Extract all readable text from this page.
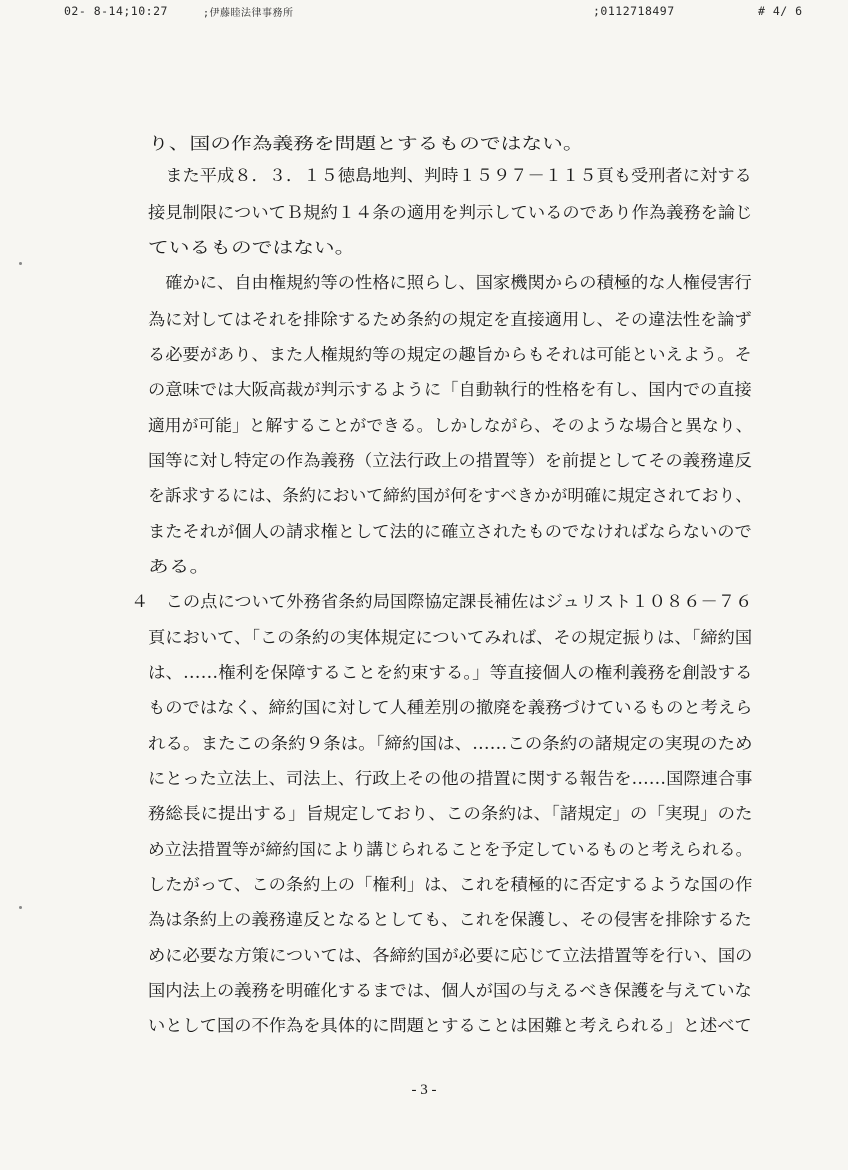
02- 8-14;10:27	;伊藤睦法律事務所	;0112718497	# 4/ 6
り、国の作為義務を問題とするものではない。
　また平成８．３．１５徳島地判、判時１５９７－１１５頁も受刑者に対する
接見制限についてＢ規約１４条の適用を判示しているのであり作為義務を論じ
ているものではない。
　確かに、自由権規約等の性格に照らし、国家機関からの積極的な人権侵害行
為に対してはそれを排除するため条約の規定を直接適用し、その違法性を論ず
る必要があり、また人権規約等の規定の趣旨からもそれは可能といえよう。そ
の意味では大阪高裁が判示するように「自動執行的性格を有し、国内での直接
適用が可能」と解することができる。しかしながら、そのような場合と異なり、
国等に対し特定の作為義務（立法行政上の措置等）を前提としてその義務違反
を訴求するには、条約において締約国が何をすべきかが明確に規定されており、
またそれが個人の請求権として法的に確立されたものでなければならないので
ある。
４　この点について外務省条約局国際協定課長補佐はジュリスト１０８６－７６
頁において、「この条約の実体規定についてみれば、その規定振りは、「締約国
は、……権利を保障することを約束する。」等直接個人の権利義務を創設する
ものではなく、締約国に対して人種差別の撤廃を義務づけているものと考えら
れる。またこの条約９条は。「締約国は、……この条約の諸規定の実現のため
にとった立法上、司法上、行政上その他の措置に関する報告を……国際連合事
務総長に提出する」旨規定しており、この条約は、「諸規定」の「実現」のた
め立法措置等が締約国により講じられることを予定しているものと考えられる。
したがって、この条約上の「権利」は、これを積極的に否定するような国の作
為は条約上の義務違反となるとしても、これを保護し、その侵害を排除するた
めに必要な方策については、各締約国が必要に応じて立法措置等を行い、国の
国内法上の義務を明確化するまでは、個人が国の与えるべき保護を与えていな
いとして国の不作為を具体的に問題とすることは困難と考えられる」と述べて
- 3 -
